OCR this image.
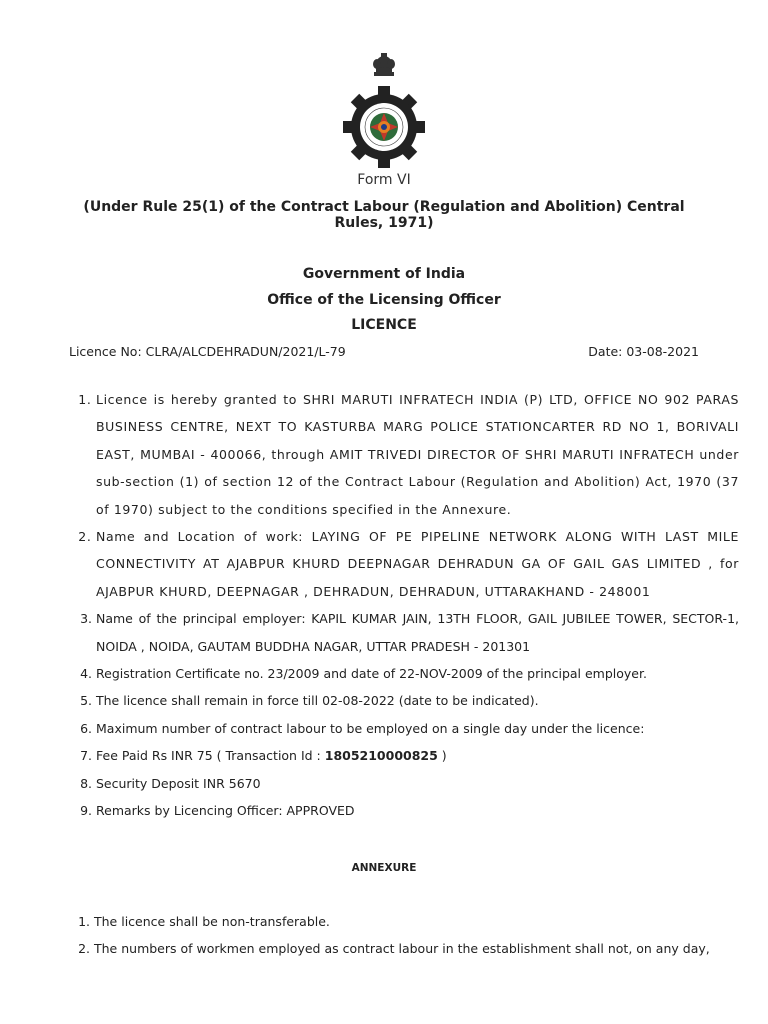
Form VI
(Under Rule 25(1) of the Contract Labour (Regulation and Abolition) Central Rules, 1971)
Government of India
Office of the Licensing Officer
LICENCE
Licence No: CLRA/ALCDEHRADUN/2021/L-79	Date: 03-08-2021
1. Licence is hereby granted to SHRI MARUTI INFRATECH INDIA (P) LTD, OFFICE NO 902 PARAS BUSINESS CENTRE, NEXT TO KASTURBA MARG POLICE STATIONCARTER RD NO 1, BORIVALI EAST, MUMBAI - 400066, through AMIT TRIVEDI DIRECTOR OF SHRI MARUTI INFRATECH under sub-section (1) of section 12 of the Contract Labour (Regulation and Abolition) Act, 1970 (37 of 1970) subject to the conditions specified in the Annexure.
2. Name and Location of work: LAYING OF PE PIPELINE NETWORK ALONG WITH LAST MILE CONNECTIVITY AT AJABPUR KHURD DEEPNAGAR DEHRADUN GA OF GAIL GAS LIMITED , for AJABPUR KHURD, DEEPNAGAR , DEHRADUN, DEHRADUN, UTTARAKHAND - 248001
3. Name of the principal employer: KAPIL KUMAR JAIN, 13TH FLOOR, GAIL JUBILEE TOWER, SECTOR-1, NOIDA , NOIDA, GAUTAM BUDDHA NAGAR, UTTAR PRADESH - 201301
4. Registration Certificate no. 23/2009 and date of 22-NOV-2009 of the principal employer.
5. The licence shall remain in force till 02-08-2022 (date to be indicated).
6. Maximum number of contract labour to be employed on a single day under the licence:
7. Fee Paid Rs INR 75 ( Transaction Id : 1805210000825 )
8. Security Deposit INR 5670
9. Remarks by Licencing Officer: APPROVED
ANNEXURE
1. The licence shall be non-transferable.
2. The numbers of workmen employed as contract labour in the establishment shall not, on any day,
